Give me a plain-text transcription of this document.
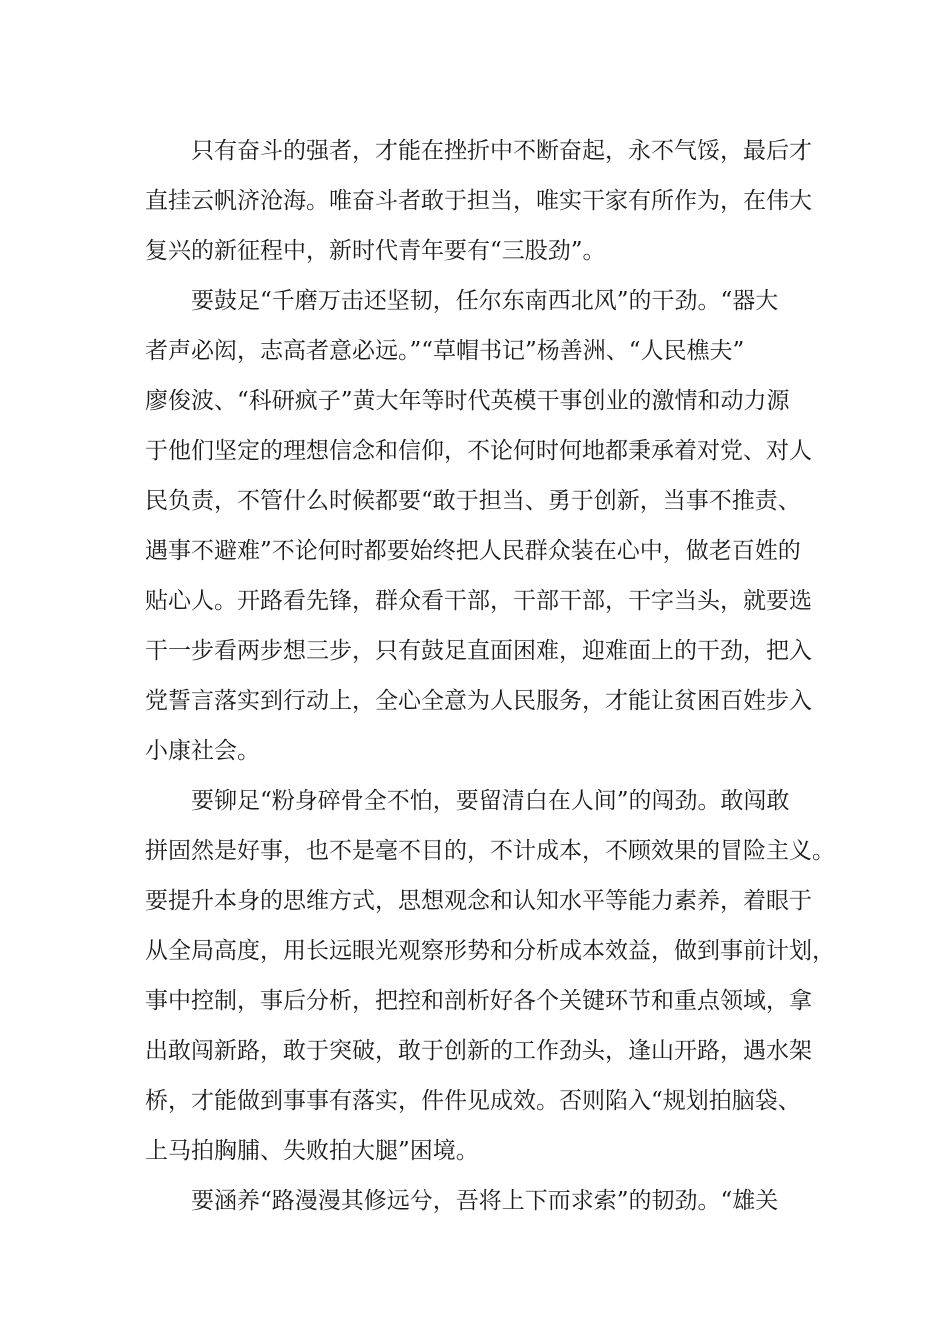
只有奋斗的强者，才能在挫折中不断奋起，永不气馁，最后才
直挂云帆济沧海。唯奋斗者敢于担当，唯实干家有所作为，在伟大
复兴的新征程中，新时代青年要有“三股劲”。
要鼓足“千磨万击还坚韧，任尔东南西北风”的干劲。“器大
者声必闳，志高者意必远。”“草帽书记”杨善洲、“人民樵夫”
廖俊波、“科研疯子”黄大年等时代英模干事创业的激情和动力源
于他们坚定的理想信念和信仰，不论何时何地都秉承着对党、对人
民负责，不管什么时候都要“敢于担当、勇于创新，当事不推责、
遇事不避难”不论何时都要始终把人民群众装在心中，做老百姓的
贴心人。开路看先锋，群众看干部，干部干部，干字当头，就要选
干一步看两步想三步，只有鼓足直面困难，迎难面上的干劲，把入
党誓言落实到行动上，全心全意为人民服务，才能让贫困百姓步入
小康社会。
要铆足“粉身碎骨全不怕，要留清白在人间”的闯劲。敢闯敢
拼固然是好事，也不是毫不目的，不计成本，不顾效果的冒险主义。
要提升本身的思维方式，思想观念和认知水平等能力素养，着眼于
从全局高度，用长远眼光观察形势和分析成本效益，做到事前计划，
事中控制，事后分析，把控和剖析好各个关键环节和重点领域，拿
出敢闯新路，敢于突破，敢于创新的工作劲头，逢山开路，遇水架
桥，才能做到事事有落实，件件见成效。否则陷入“规划拍脑袋、
上马拍胸脯、失败拍大腿”困境。
要涵养“路漫漫其修远兮，吾将上下而求索”的韧劲。“雄关
